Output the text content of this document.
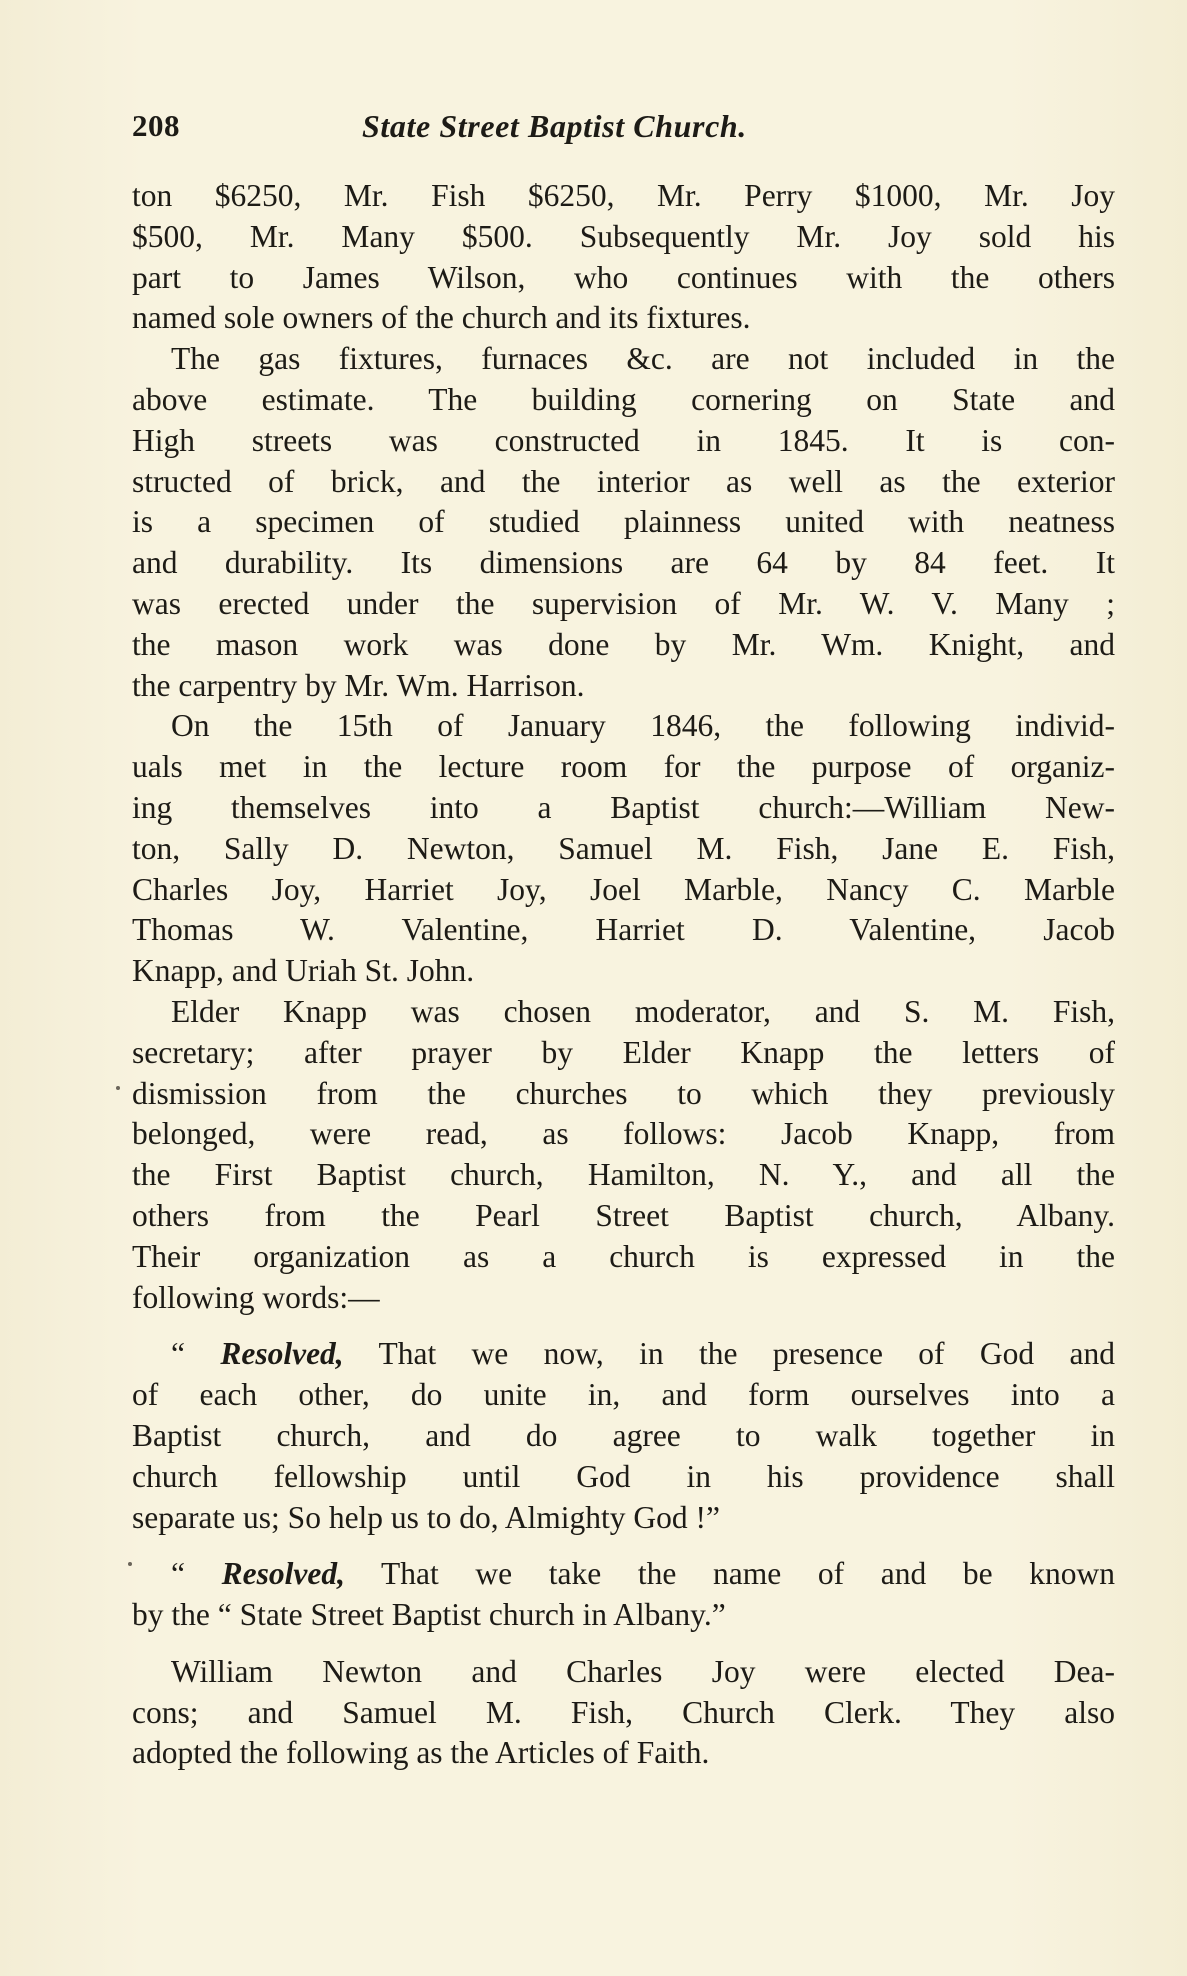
208	State Street Baptist Church.
ton $6250, Mr. Fish $6250, Mr. Perry $1000, Mr. Joy
$500, Mr. Many $500. Subsequently Mr. Joy sold his
part to James Wilson, who continues with the others
named sole owners of the church and its fixtures.
The gas fixtures, furnaces &c. are not included in the
above estimate. The building cornering on State and
High streets was constructed in 1845. It is con-
structed of brick, and the interior as well as the exterior
is a specimen of studied plainness united with neatness
and durability. Its dimensions are 64 by 84 feet. It
was erected under the supervision of Mr. W. V. Many ;
the mason work was done by Mr. Wm. Knight, and
the carpentry by Mr. Wm. Harrison.
On the 15th of January 1846, the following individ-
uals met in the lecture room for the purpose of organiz-
ing themselves into a Baptist church:—William New-
ton, Sally D. Newton, Samuel M. Fish, Jane E. Fish,
Charles Joy, Harriet Joy, Joel Marble, Nancy C. Marble
Thomas W. Valentine, Harriet D. Valentine, Jacob
Knapp, and Uriah St. John.
Elder Knapp was chosen moderator, and S. M. Fish,
secretary; after prayer by Elder Knapp the letters of
dismission from the churches to which they previously
belonged, were read, as follows: Jacob Knapp, from
the First Baptist church, Hamilton, N. Y., and all the
others from the Pearl Street Baptist church, Albany.
Their organization as a church is expressed in the
following words:—
“ Resolved, That we now, in the presence of God and
of each other, do unite in, and form ourselves into a
Baptist church, and do agree to walk together in
church fellowship until God in his providence shall
separate us; So help us to do, Almighty God !”
“ Resolved, That we take the name of and be known
by the “ State Street Baptist church in Albany.”
William Newton and Charles Joy were elected Dea-
cons; and Samuel M. Fish, Church Clerk. They also
adopted the following as the Articles of Faith.
